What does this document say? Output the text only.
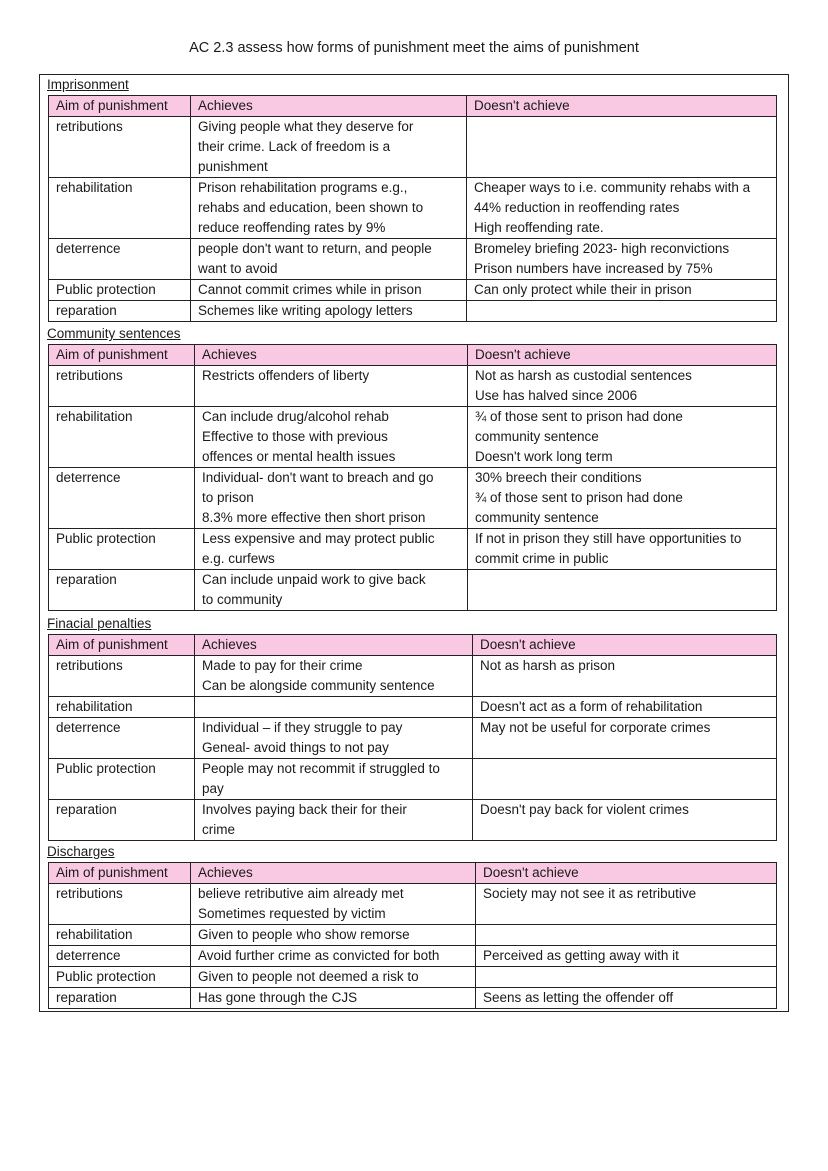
AC 2.3 assess how forms of punishment meet the aims of punishment
Imprisonment
Aim of punishment	Achieves	Doesn't achieve
retributions	Giving people what they deserve for
their crime. Lack of freedom is a
punishment	

rehabilitation	Prison rehabilitation programs e.g.,
rehabs and education, been shown to
reduce reoffending rates by 9%	Cheaper ways to i.e. community rehabs with a
44% reduction in reoffending rates
High reoffending rate.

deterrence	people don't want to return, and people
want to avoid	Bromeley briefing 2023- high reconvictions
Prison numbers have increased by 75%

Public protection	Cannot commit crimes while in prison	Can only protect while their in prison

reparation	Schemes like writing apology letters	

Community sentences
Aim of punishment	Achieves	Doesn't achieve
retributions	Restricts offenders of liberty	Not as harsh as custodial sentences
Use has halved since 2006

rehabilitation	Can include drug/alcohol rehab
Effective to those with previous
offences or mental health issues	¾ of those sent to prison had done
community sentence
Doesn't work long term

deterrence	Individual- don't want to breach and go
to prison
8.3% more effective then short prison	30% breech their conditions
¾ of those sent to prison had done
community sentence

Public protection	Less expensive and may protect public
e.g. curfews	If not in prison they still have opportunities to
commit crime in public

reparation	Can include unpaid work to give back
to community	

Finacial penalties
Aim of punishment	Achieves	Doesn't achieve
retributions	Made to pay for their crime
Can be alongside community sentence	Not as harsh as prison

rehabilitation		Doesn't act as a form of rehabilitation

deterrence	Individual – if they struggle to pay
Geneal- avoid things to not pay	May not be useful for corporate crimes

Public protection	People may not recommit if struggled to
pay	

reparation	Involves paying back their for their
crime	Doesn't pay back for violent crimes
Discharges
Aim of punishment	Achieves	Doesn't achieve
retributions	believe retributive aim already met
Sometimes requested by victim	Society may not see it as retributive

rehabilitation	Given to people who show remorse	

deterrence	Avoid further crime as convicted for both	Perceived as getting away with it

Public protection	Given to people not deemed a risk to	

reparation	Has gone through the CJS	Seens as letting the offender off
